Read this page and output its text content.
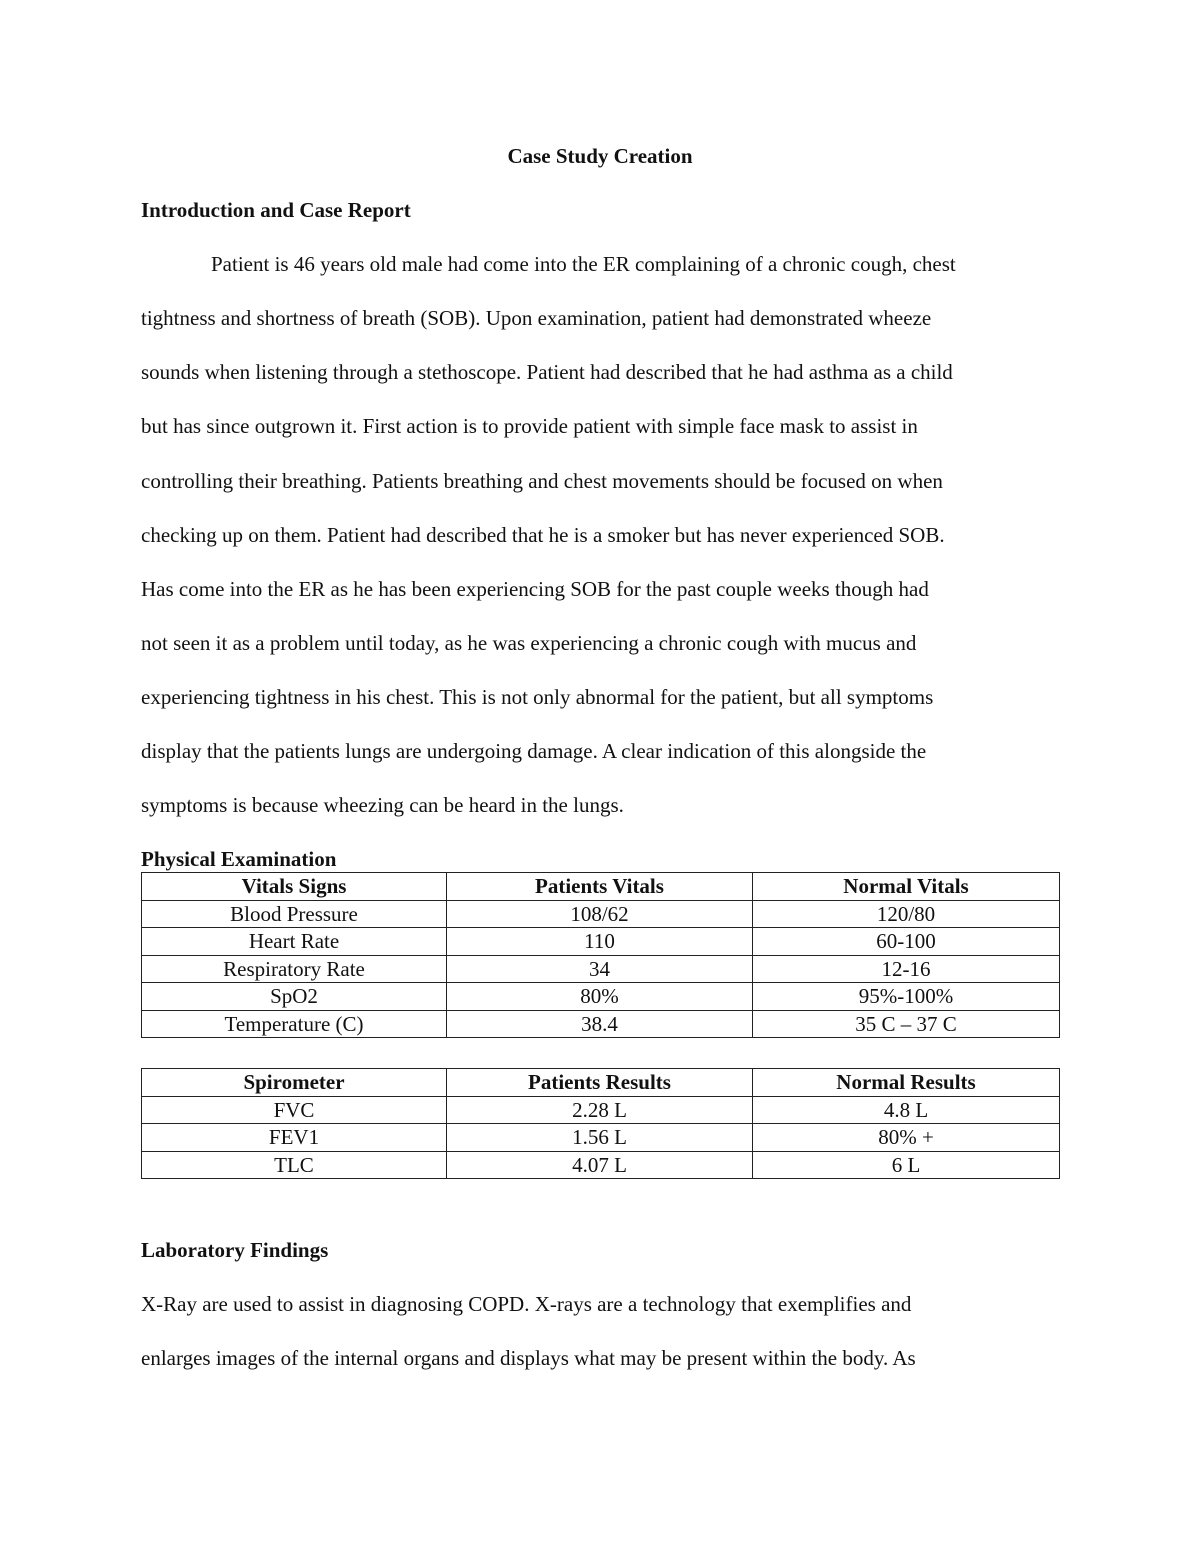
Case Study Creation
Introduction and Case Report
Patient is 46 years old male had come into the ER complaining of a chronic cough, chest
tightness and shortness of breath (SOB). Upon examination, patient had demonstrated wheeze
sounds when listening through a stethoscope. Patient had described that he had asthma as a child
but has since outgrown it. First action is to provide patient with simple face mask to assist in
controlling their breathing. Patients breathing and chest movements should be focused on when
checking up on them. Patient had described that he is a smoker but has never experienced SOB.
Has come into the ER as he has been experiencing SOB for the past couple weeks though had
not seen it as a problem until today, as he was experiencing a chronic cough with mucus and
experiencing tightness in his chest. This is not only abnormal for the patient, but all symptoms
display that the patients lungs are undergoing damage. A clear indication of this alongside the
symptoms is because wheezing can be heard in the lungs.
Physical Examination
Vitals Signs	Patients Vitals	Normal Vitals
Blood Pressure	108/62	120/80
Heart Rate	110	60-100
Respiratory Rate	34	12-16
SpO2	80%	95%-100%
Temperature (C)	38.4	35 C – 37 C
Spirometer	Patients Results	Normal Results
FVC	2.28 L	4.8 L
FEV1	1.56 L	80% +
TLC	4.07 L	6 L
Laboratory Findings
X-Ray are used to assist in diagnosing COPD. X-rays are a technology that exemplifies and
enlarges images of the internal organs and displays what may be present within the body. As
